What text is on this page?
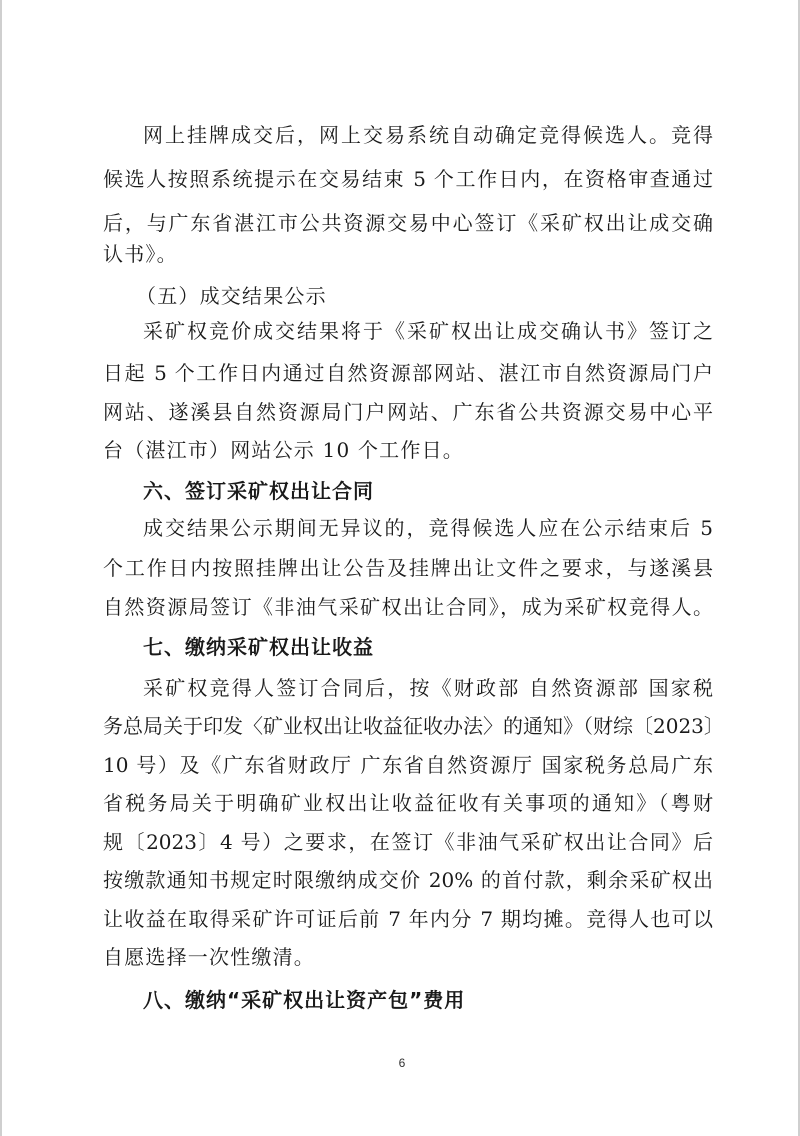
网上挂牌成交后，网上交易系统自动确定竞得候选人。竞得
候选人按照系统提示在交易结束 5 个工作日内，在资格审查通过
后，与广东省湛江市公共资源交易中心签订《采矿权出让成交确
认书》。
（五）成交结果公示
采矿权竞价成交结果将于《采矿权出让成交确认书》签订之
日起 5 个工作日内通过自然资源部网站、湛江市自然资源局门户
网站、遂溪县自然资源局门户网站、广东省公共资源交易中心平
台（湛江市）网站公示 10 个工作日。
六、签订采矿权出让合同
成交结果公示期间无异议的，竞得候选人应在公示结束后 5
个工作日内按照挂牌出让公告及挂牌出让文件之要求，与遂溪县
自然资源局签订《非油气采矿权出让合同》，成为采矿权竞得人。
七、缴纳采矿权出让收益
采矿权竞得人签订合同后，按《财政部 自然资源部 国家税
务总局关于印发〈矿业权出让收益征收办法〉的通知》（财综〔2023〕
10 号）及《广东省财政厅 广东省自然资源厅 国家税务总局广东
省税务局关于明确矿业权出让收益征收有关事项的通知》（粤财
规〔2023〕4 号）之要求，在签订《非油气采矿权出让合同》后
按缴款通知书规定时限缴纳成交价 20% 的首付款，剩余采矿权出
让收益在取得采矿许可证后前 7 年内分 7 期均摊。竞得人也可以
自愿选择一次性缴清。
八、缴纳“采矿权出让资产包”费用
6
